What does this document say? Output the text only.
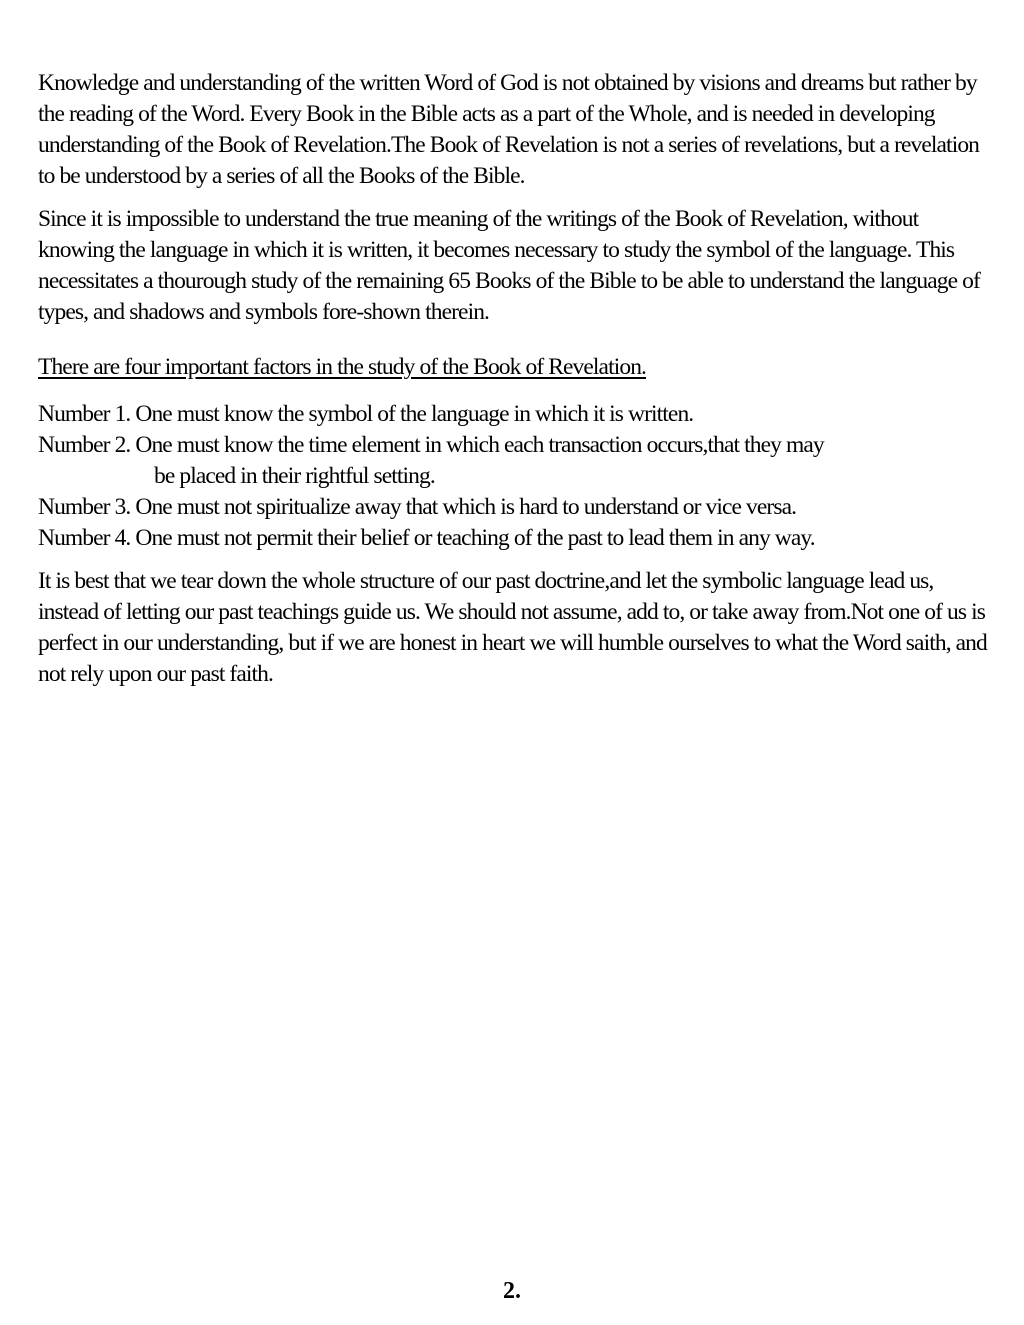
Knowledge and understanding of the written Word of God is not obtained by visions and dreams but rather by the reading of the Word. Every Book in the Bible acts as a part of the Whole, and is needed in developing understanding of the Book of Revelation.The Book of Revelation is not a series of revelations, but a revelation to be understood by a series of all the Books of the Bible.

Since it is impossible to understand the true meaning of the writings of the Book of Revelation, without knowing the language in which it is written, it becomes necessary to study the symbol of the language. This necessitates a thourough study of the remaining 65 Books of the Bible to be able to understand the language of types, and shadows and symbols fore-shown therein.

There are four important factors in the study of the Book of Revelation.

Number 1. One must know the symbol of the language in which it is written.
Number 2. One must know the time element in which each transaction occurs,that they may be placed in their rightful setting.
Number 3. One must not spiritualize away that which is hard to understand or vice versa.
Number 4. One must not permit their belief or teaching of the past to lead them in any way.

It is best that we tear down the whole structure of our past doctrine,and let the symbolic language lead us, instead of letting our past teachings guide us. We should not assume, add to, or take away from.Not one of us is perfect in our understanding, but if we are honest in heart we will humble ourselves to what the Word saith, and not rely upon our past faith.

2.
